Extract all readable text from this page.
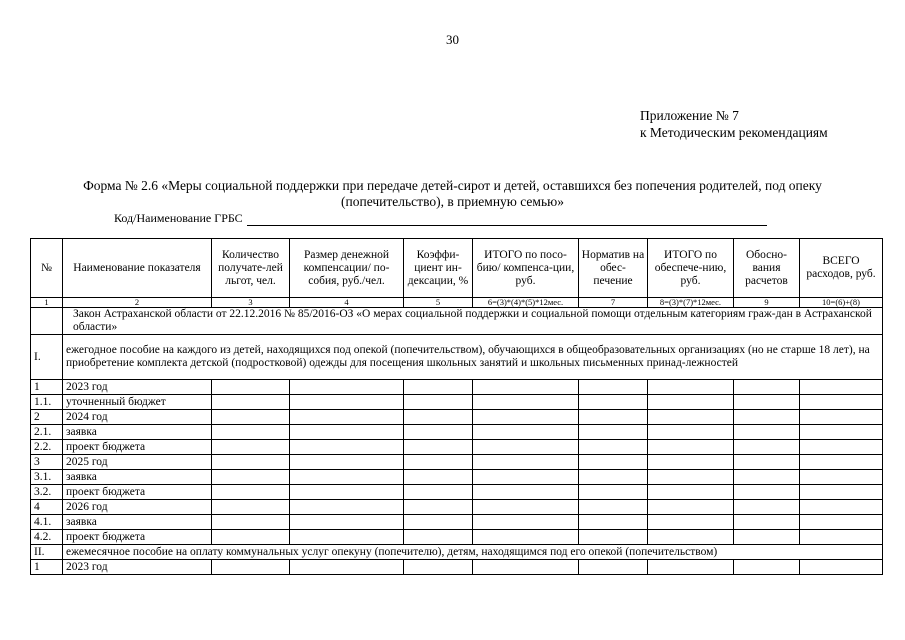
30
Приложение № 7
к Методическим рекомендациям
Форма № 2.6 «Меры социальной поддержки при передаче детей-сирот и детей, оставшихся без попечения родителей, под опеку
(попечительство), в приемную семью»
Код/Наименование ГРБС
№	Наименование показателя	Количество получате-лей льгот, чел.	Размер денежной компенсации/ по-собия, руб./чел.	Коэффи-циент ин-дексации, %	ИТОГО по посо-бию/ компенса-ции, руб.	Норматив на обес-печение	ИТОГО по обеспече-нию, руб.	Обосно-вания расчетов	ВСЕГО расходов, руб.
1	2	3	4	5	6=(3)*(4)*(5)*12мес.	7	8=(3)*(7)*12мес.	9	10=(6)+(8)
	Закон Астраханской области от 22.12.2016 № 85/2016-ОЗ «О мерах социальной поддержки и социальной помощи отдельным категориям граж-дан в Астраханской области»								
I.	ежегодное пособие на каждого из детей, находящихся под опекой (попечительством), обучающихся в общеобразовательных организациях (но не старше 18 лет), на приобретение комплекта детской (подростковой) одежды для посещения школьных занятий и школьных письменных принад-лежностей								
1	2023 год								
1.1.	уточненный бюджет								
2	2024 год								
2.1.	заявка								
2.2.	проект бюджета								
3	2025 год								
3.1.	заявка								
3.2.	проект бюджета								
4	2026 год								
4.1.	заявка								
4.2.	проект бюджета								
II.	ежемесячное пособие на оплату коммунальных услуг опекуну (попечителю), детям, находящимся под его опекой (попечительством)								
1	2023 год								
